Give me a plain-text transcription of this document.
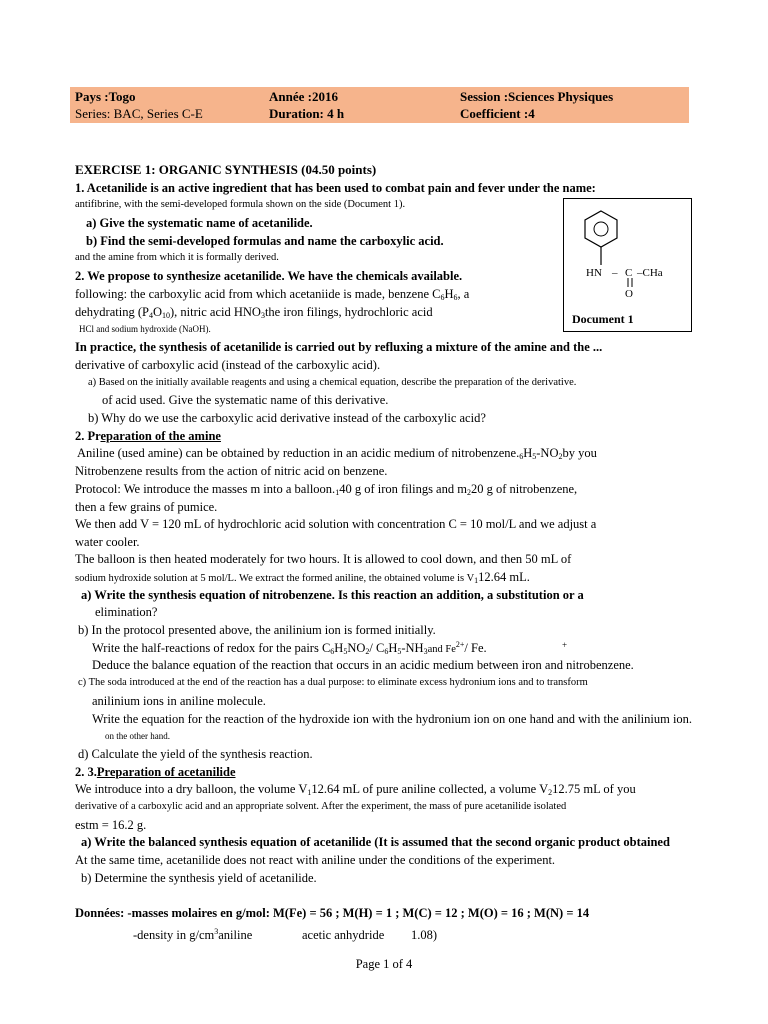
Pays :Togo	Année :2016	Session :Sciences Physiques
Series: BAC, Series C-E	Duration: 4 h	Coefficient :4
EXERCISE 1: ORGANIC SYNTHESIS (04.50 points)
1. Acetanilide is an active ingredient that has been used to combat pain and fever under the name:
antifibrine, with the semi-developed formula shown on the side (Document 1).
a) Give the systematic name of acetanilide.
b) Find the semi-developed formulas and name the carboxylic acid.
and the amine from which it is formally derived.
2. We propose to synthesize acetanilide. We have the chemicals available.
following: the carboxylic acid from which acetaniide is made, benzene $C_6H_6$, a
dehydrating $(P_4O_{10})$, nitric acid $HNO_3the$ iron filings, hydrochloric acid
HCl and sodium hydroxide (NaOH).
HN – C –CHa
O
Document 1
In practice, the synthesis of acetanilide is carried out by refluxing a mixture of the amine and the ...
derivative of carboxylic acid (instead of the carboxylic acid).
a) Based on the initially available reagents and using a chemical equation, describe the preparation of the derivative.
of acid used. Give the systematic name of this derivative.
b) Why do we use the carboxylic acid derivative instead of the carboxylic acid?
2. Preparation of the amine
Aniline (used amine) can be obtained by reduction in an acidic medium of $nitrobenzene._6H_5-NO_2by$ you
Nitrobenzene results from the action of nitric acid on benzene.
Protocol: We introduce the masses m into a $balloon._140$ g of iron filings and $m_220$ g of nitrobenzene,
then a few grains of pumice.
We then add V = 120 mL of hydrochloric acid solution with concentration C = 10 mol/L and we adjust a
water cooler.
The balloon is then heated moderately for two hours. It is allowed to cool down, and then 50 mL of
sodium hydroxide solution at 5 mol/L. We extract the formed aniline, the obtained volume is $V_112.64$ mL.
a) Write the synthesis equation of nitrobenzene. Is this reaction an addition, a substitution or a
elimination?
b) In the protocol presented above, the anilinium ion is formed initially.
Write the half-reactions of redox for the pairs $C_6H_5NO_2/$ $C_6H_5-NH_3and$ $Fe^{2+}/$ Fe.	+
Deduce the balance equation of the reaction that occurs in an acidic medium between iron and nitrobenzene.
c) The soda introduced at the end of the reaction has a dual purpose: to eliminate excess hydronium ions and to transform
anilinium ions in aniline molecule.
Write the equation for the reaction of the hydroxide ion with the hydronium ion on one hand and with the anilinium ion.
on the other hand.
d) Calculate the yield of the synthesis reaction.
2. 3.Preparation of acetanilide
We introduce into a dry balloon, the volume $V_112.64$ mL of pure aniline collected, a volume $V_212.75$ mL of you
derivative of a carboxylic acid and an appropriate solvent. After the experiment, the mass of pure acetanilide isolated
estm = 16.2 g.
a) Write the balanced synthesis equation of acetanilide (It is assumed that the second organic product obtained
At the same time, acetanilide does not react with aniline under the conditions of the experiment.
b) Determine the synthesis yield of acetanilide.
Données: -masses molaires en g/mol: M(Fe) = 56 ; M(H) = 1 ; M(C) = 12 ; M(O) = 16 ; M(N) = 14
-density in $g/cm^3aniline$	acetic anhydride 1.08)
Page 1 of 4
